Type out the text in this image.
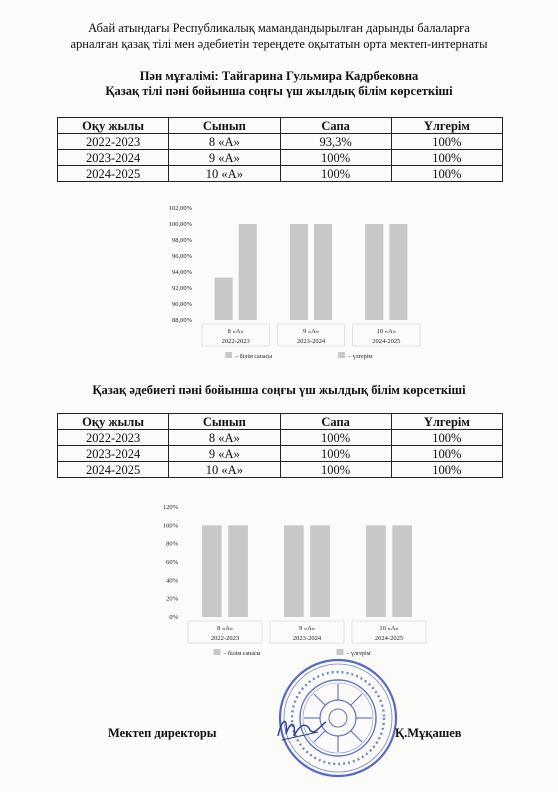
Абай атындағы Республикалық мамандандырылған дарынды балаларға
арналған қазақ тілі мен әдебиетін тереңдете оқытатын орта мектеп-интернаты
Пән мұғалімі: Тайгарина Гульмира Кадрбековна
Қазақ тілі пәні бойынша соңғы үш жылдық білім көрсеткіші
Оқу жылы	Сынып	Сапа	Үлгерім
2022-2023	8 «А»	93,3%	100%
2023-2024	9 «А»	100%	100%
2024-2025	10 «А»	100%	100%
88,00%
90,00%
92,00%
94,00%
96,00%
98,00%
100,00%
102,00%
8 «А»
2022-2023
9 «А»
2023-2024
10 «А»
2024-2025
– білім сапасы	– үлгерім
Қазақ әдебиеті пәні бойынша соңғы үш жылдық білім көрсеткіші
Оқу жылы	Сынып	Сапа	Үлгерім
2022-2023	8 «А»	100%	100%
2023-2024	9 «А»	100%	100%
2024-2025	10 «А»	100%	100%
0%
20%
40%
60%
80%
100%
120%
8 «А»
2022-2023
9 «А»
2023-2024
10 «А»
2024-2025
– білім сапасы	– үлгерім
Мектеп директоры	Қ.Мұқашев
